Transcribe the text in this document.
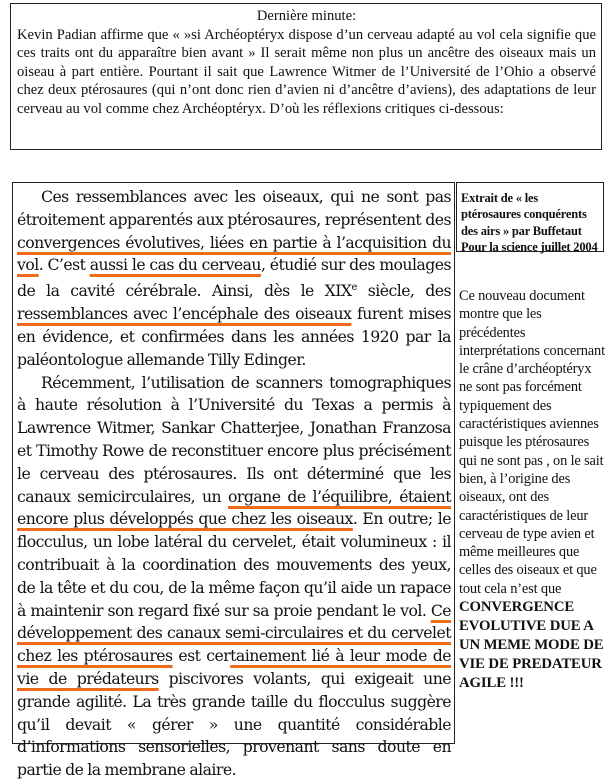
Dernière minute:
Kevin Padian affirme que « »si Archéoptéryx dispose d’un cerveau adapté au vol cela signifie que ces traits ont du apparaître bien avant » Il serait même non plus un ancêtre des oiseaux mais un oiseau à part entière. Pourtant il sait que Lawrence Witmer de l’Université de l’Ohio a observé chez deux ptérosaures (qui n’ont donc rien d’avien ni d’ancêtre d’aviens), des adaptations de leur cerveau au vol comme chez Archéoptéryx. D’où les réflexions critiques ci-dessous:

Ces ressemblances avec les oiseaux, qui ne sont pas étroitement apparentés aux ptérosaures, représentent des convergences évolutives, liées en partie à l’acquisition du vol. C’est aussi le cas du cerveau, étudié sur des moulages de la cavité cérébrale. Ainsi, dès le XIXe siècle, des ressemblances avec l’encéphale des oiseaux furent mises en évidence, et confirmées dans les années 1920 par la paléontologue allemande Tilly Edinger.

Récemment, l’utilisation de scanners tomographiques à haute résolution à l’Université du Texas a permis à Lawrence Witmer, Sankar Chatterjee, Jonathan Franzosa et Timothy Rowe de reconstituer encore plus précisément le cerveau des ptérosaures. Ils ont déterminé que les canaux semicirculaires, un organe de l’équilibre, étaient encore plus développés que chez les oiseaux. En outre; le flocculus, un lobe latéral du cervelet, était volumineux : il contribuait à la coordination des mouvements des yeux, de la tête et du cou, de la même façon qu’il aide un rapace à maintenir son regard fixé sur sa proie pendant le vol. Ce développement des canaux semi-circulaires et du cervelet chez les ptérosaures est certainement lié à leur mode de vie de prédateurs piscivores volants, qui exigeait une grande agilité. La très grande taille du flocculus suggère qu’il devait « gérer » une quantité considérable d’informations sensorielles, provenant sans doute en partie de la membrane alaire.

Extrait de « les ptérosaures conquérents des airs » par Buffetaut Pour la science juillet 2004
Ce nouveau document montre que les précédentes interprétations concernant le crâne d’archéoptéryx ne sont pas forcément typiquement des caractéristiques aviennes puisque les ptérosaures qui ne sont pas , on le sait bien, à l’origine des oiseaux, ont des caractéristiques de leur cerveau de type avien et même meilleures que celles des oiseaux et que tout cela n’est que
CONVERGENCE EVOLUTIVE DUE A UN MEME MODE DE VIE DE PREDATEUR AGILE !!!
